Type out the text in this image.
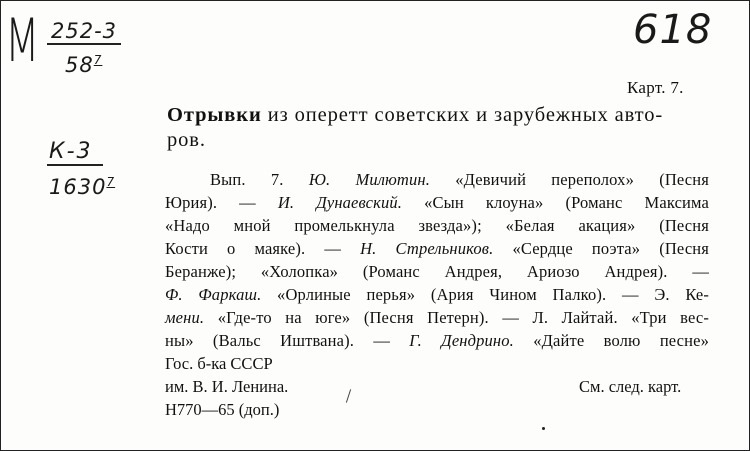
М 252-3
$58^7$
618
К-3
1630$^7$
Карт. 7.
Отрывки из оперетт советских и зарубежных авто-
ров.
Вып. 7. Ю. Милютин. «Девичий переполох» (Песня
Юрия). — И. Дунаевский. «Сын клоуна» (Романс Максима
«Надо мной промелькнула звезда»); «Белая акация» (Песня
Кости о маяке). — Н. Стрельников. «Сердце поэта» (Песня
Беранже); «Холопка» (Романс Андрея, Ариозо Андрея). —
Ф. Фаркаш. «Орлиные перья» (Ария Чином Палко). — Э. Ке-
мени. «Где-то на юге» (Песня Петерн). — Л. Лайтай. «Три вес-
ны» (Вальс Иштвана). — Г. Дендрино. «Дайте волю песне»
Гос. б-ка СССР
им. В. И. Ленина.
Н770—65 (доп.)
См. след. карт.
